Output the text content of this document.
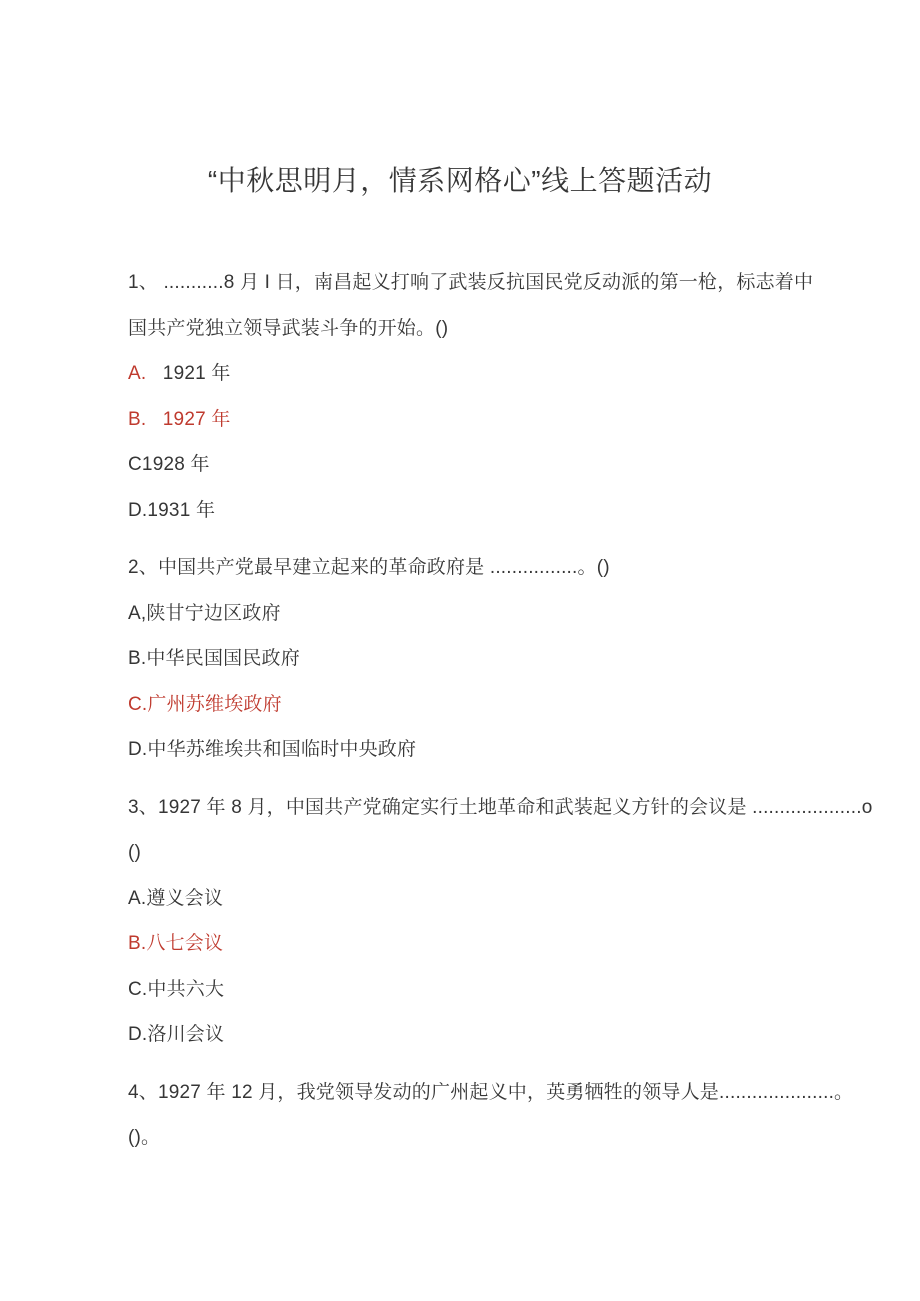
“中秋思明月，情系网格心”线上答题活动
1、 ...........8 月 I 日，南昌起义打响了武装反抗国民党反动派的第一枪，标志着中
国共产党独立领导武装斗争的开始。()
A.   1921 年
B.   1927 年
C1928 年
D.1931 年
2、中国共产党最早建立起来的革命政府是 ................。()
A,陕甘宁边区政府
B.中华民国国民政府
C.广州苏维埃政府
D.中华苏维埃共和国临时中央政府
3、1927 年 8 月，中国共产党确定实行土地革命和武装起义方针的会议是 ....................o
()
A.遵义会议
B.八七会议
C.中共六大
D.洛川会议
4、1927 年 12 月，我党领导发动的广州起义中，英勇牺牲的领导人是.....................。
()。
